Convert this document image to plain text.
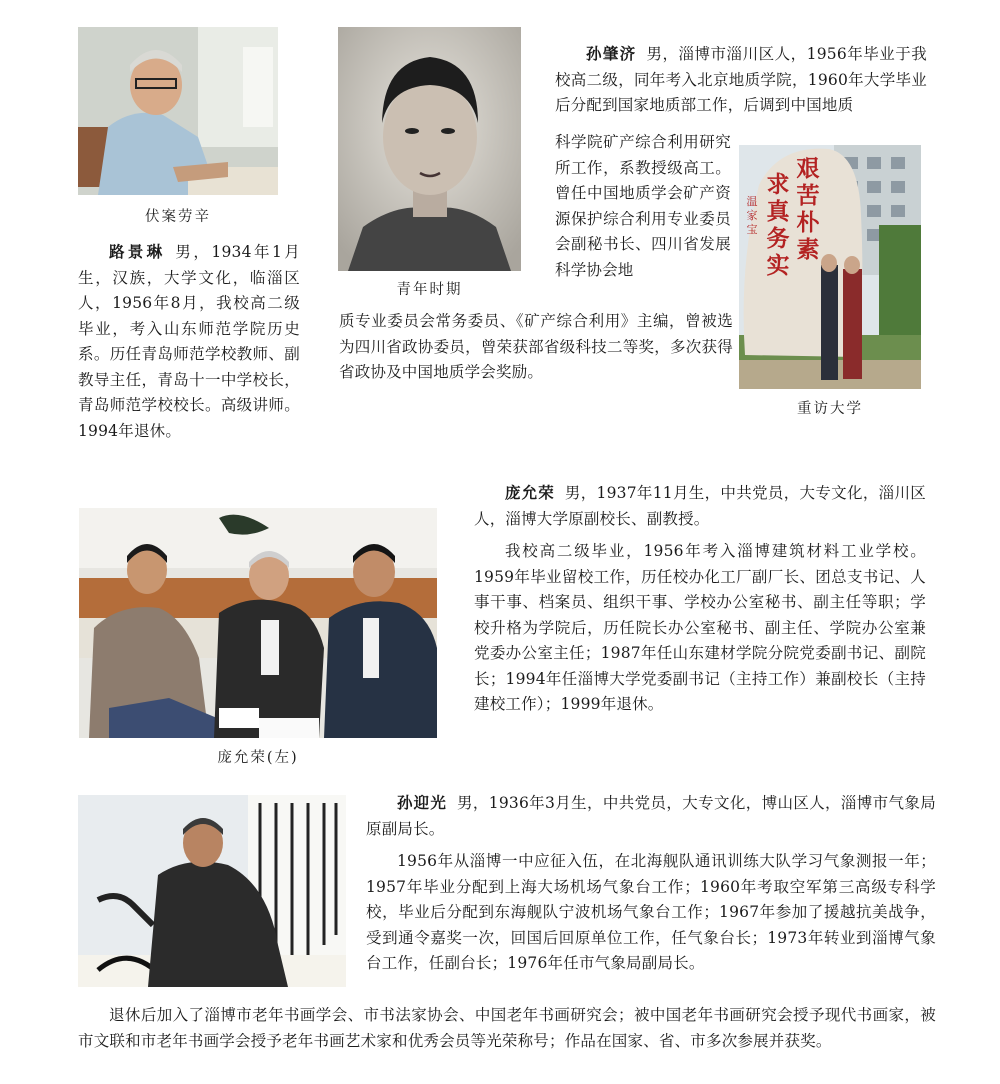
伏案劳辛
青年时期
艰苦朴素
求真务实
温家宝
重访大学

路景琳 男，1934年1月生，汉族，大学文化，临淄区人，1956年8月，我校高二级毕业，考入山东师范学院历史系。历任青岛师范学校教师、副教导主任，青岛十一中学校长，青岛师范学校校长。高级讲师。1994年退休。

孙肇济 男，淄博市淄川区人，1956年毕业于我校高二级，同年考入北京地质学院，1960年大学毕业后分配到国家地质部工作，后调到中国地质

科学院矿产综合利用研究所工作，系教授级高工。曾任中国地质学会矿产资源保护综合利用专业委员会副秘书长、四川省发展科学协会地

质专业委员会常务委员、《矿产综合利用》主编，曾被选为四川省政协委员，曾荣获部省级科技二等奖，多次获得省政协及中国地质学会奖励。

庞允荣 男，1937年11月生，中共党员，大专文化，淄川区人，淄博大学原副校长、副教授。

我校高二级毕业，1956年考入淄博建筑材料工业学校。1959年毕业留校工作，历任校办化工厂副厂长、团总支书记、人事干事、档案员、组织干事、学校办公室秘书、副主任等职；学校升格为学院后，历任院长办公室秘书、副主任、学院办公室兼党委办公室主任；1987年任山东建材学院分院党委副书记、副院长；1994年任淄博大学党委副书记（主持工作）兼副校长（主持建校工作）；1999年退休。

庞允荣(左)

孙迎光 男，1936年3月生，中共党员，大专文化，博山区人，淄博市气象局原副局长。

1956年从淄博一中应征入伍，在北海舰队通讯训练大队学习气象测报一年；1957年毕业分配到上海大场机场气象台工作；1960年考取空军第三高级专科学校，毕业后分配到东海舰队宁波机场气象台工作；1967年参加了援越抗美战争，受到通令嘉奖一次，回国后回原单位工作，任气象台长；1973年转业到淄博气象台工作，任副台长；1976年任市气象局副局长。

退休后加入了淄博市老年书画学会、市书法家协会、中国老年书画研究会；被中国老年书画研究会授予现代书画家，被市文联和市老年书画学会授予老年书画艺术家和优秀会员等光荣称号；作品在国家、省、市多次参展并获奖。
